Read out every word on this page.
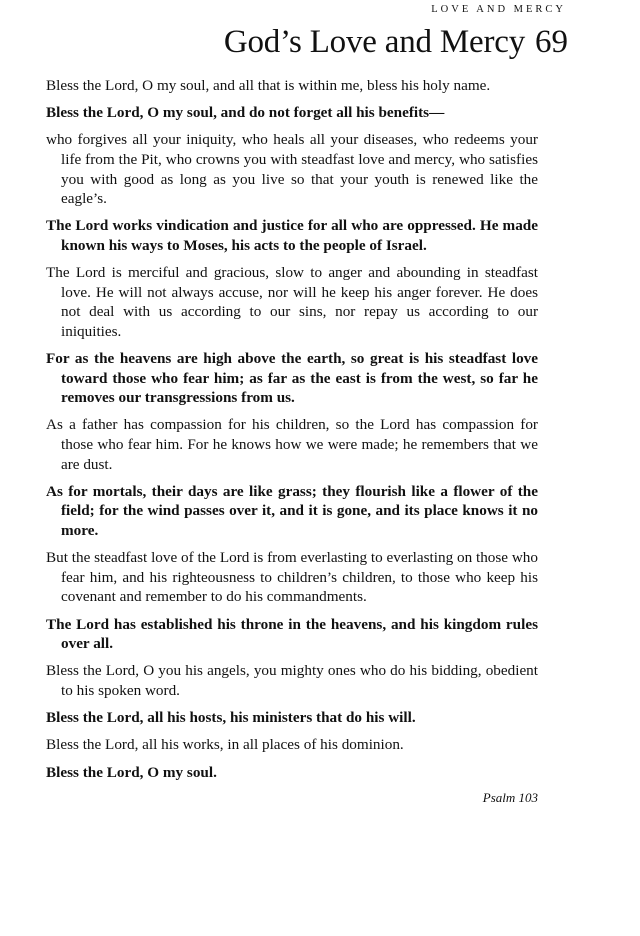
LOVE AND MERCY
God’s Love and Mercy 69

Bless the Lord, O my soul, and all that is within me, bless his holy name.

Bless the Lord, O my soul, and do not forget all his benefits—

who forgives all your iniquity, who heals all your diseases, who redeems your life from the Pit, who crowns you with steadfast love and mercy, who satisfies you with good as long as you live so that your youth is renewed like the eagle’s.

The Lord works vindication and justice for all who are oppressed. He made known his ways to Moses, his acts to the people of Israel.

The Lord is merciful and gracious, slow to anger and abounding in steadfast love. He will not always accuse, nor will he keep his anger forever. He does not deal with us according to our sins, nor repay us according to our iniquities.

For as the heavens are high above the earth, so great is his steadfast love toward those who fear him; as far as the east is from the west, so far he removes our transgressions from us.

As a father has compassion for his children, so the Lord has compassion for those who fear him. For he knows how we were made; he remembers that we are dust.

As for mortals, their days are like grass; they flourish like a flower of the field; for the wind passes over it, and it is gone, and its place knows it no more.

But the steadfast love of the Lord is from everlasting to everlasting on those who fear him, and his righteousness to children’s children, to those who keep his covenant and remember to do his commandments.

The Lord has established his throne in the heavens, and his kingdom rules over all.

Bless the Lord, O you his angels, you mighty ones who do his bidding, obedient to his spoken word.

Bless the Lord, all his hosts, his ministers that do his will.

Bless the Lord, all his works, in all places of his dominion.

Bless the Lord, O my soul.

Psalm 103
